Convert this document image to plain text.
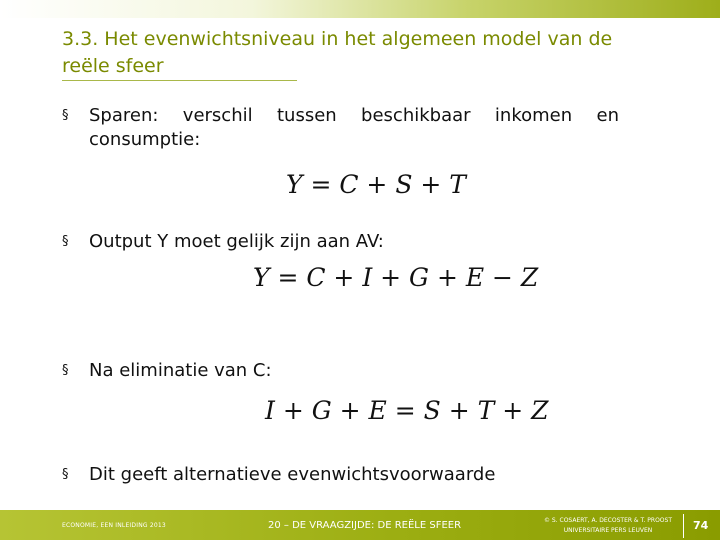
3.3. Het evenwichtsniveau in het algemeen model van de reële sfeer
§ Sparen: verschil tussen beschikbaar inkomen en consumptie:
Y = C + S + T
§ Output Y moet gelijk zijn aan AV:
Y = C + I + G + E − Z
§ Na eliminatie van C:
I + G + E = S + T + Z
§ Dit geeft alternatieve evenwichtsvoorwaarde
ECONOMIE, EEN INLEIDING 2013	20 – DE VRAAGZIJDE: DE REËLE SFEER	© S. COSAERT, A. DECOSTER & T. PROOST
UNIVERSITAIRE PERS LEUVEN	74
